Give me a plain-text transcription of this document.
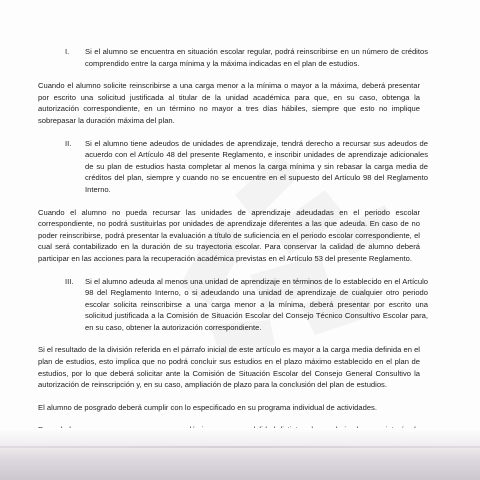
I. Si el alumno se encuentra en situación escolar regular, podrá reinscribirse en un número de créditos comprendido entre la carga mínima y la máxima indicadas en el plan de estudios.

Cuando el alumno solicite reinscribirse a una carga menor a la mínima o mayor a la máxima, deberá presentar por escrito una solicitud justificada al titular de la unidad académica para que, en su caso, obtenga la autorización correspondiente, en un término no mayor a tres días hábiles, siempre que esto no implique sobrepasar la duración máxima del plan.

II. Si el alumno tiene adeudos de unidades de aprendizaje, tendrá derecho a recursar sus adeudos de acuerdo con el Artículo 48 del presente Reglamento, e inscribir unidades de aprendizaje adicionales de su plan de estudios hasta completar al menos la carga mínima y sin rebasar la carga media de créditos del plan, siempre y cuando no se encuentre en el supuesto del Artículo 98 del Reglamento Interno.

Cuando el alumno no pueda recursar las unidades de aprendizaje adeudadas en el periodo escolar correspondiente, no podrá sustituirlas por unidades de aprendizaje diferentes a las que adeuda. En caso de no poder reinscribirse, podrá presentar la evaluación a título de suficiencia en el periodo escolar correspondiente, el cual será contabilizado en la duración de su trayectoria escolar. Para conservar la calidad de alumno deberá participar en las acciones para la recuperación académica previstas en el Artículo 53 del presente Reglamento.

III. Si el alumno adeuda al menos una unidad de aprendizaje en términos de lo establecido en el Artículo 98 del Reglamento Interno, o si adeudando una unidad de aprendizaje de cualquier otro periodo escolar solicita reinscribirse a una carga menor a la mínima, deberá presentar por escrito una solicitud justificada a la Comisión de Situación Escolar del Consejo Técnico Consultivo Escolar para, en su caso, obtener la autorización correspondiente.

Si el resultado de la división referida en el párrafo inicial de este artículo es mayor a la carga media definida en el plan de estudios, esto implica que no podrá concluir sus estudios en el plazo máximo establecido en el plan de estudios, por lo que deberá solicitar ante la Comisión de Situación Escolar del Consejo General Consultivo la autorización de reinscripción y, en su caso, ampliación de plazo para la conclusión del plan de estudios.

El alumno de posgrado deberá cumplir con lo especificado en su programa individual de actividades.
